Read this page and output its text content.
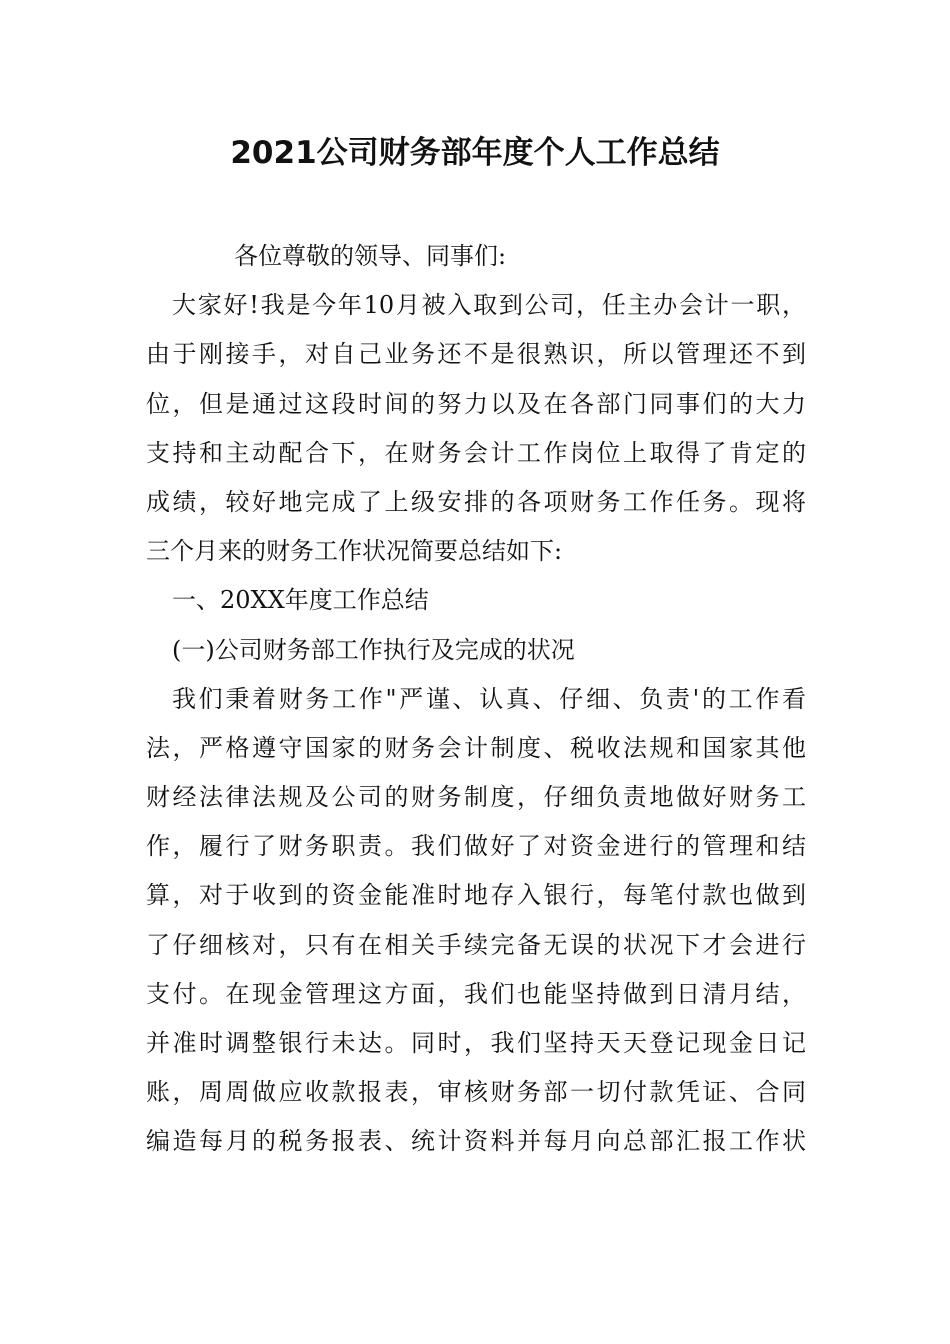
2021公司财务部年度个人工作总结
各位尊敬的领导、同事们:
大家好!我是今年10月被入取到公司，任主办会计一职，
由于刚接手，对自己业务还不是很熟识，所以管理还不到
位，但是通过这段时间的努力以及在各部门同事们的大力
支持和主动配合下，在财务会计工作岗位上取得了肯定的
成绩，较好地完成了上级安排的各项财务工作任务。现将
三个月来的财务工作状况简要总结如下:
一、20XX年度工作总结
(一)公司财务部工作执行及完成的状况
我们秉着财务工作"严谨、认真、仔细、负责'的工作看
法，严格遵守国家的财务会计制度、税收法规和国家其他
财经法律法规及公司的财务制度，仔细负责地做好财务工
作，履行了财务职责。我们做好了对资金进行的管理和结
算，对于收到的资金能准时地存入银行，每笔付款也做到
了仔细核对，只有在相关手续完备无误的状况下才会进行
支付。在现金管理这方面，我们也能坚持做到日清月结，
并准时调整银行未达。同时，我们坚持天天登记现金日记
账，周周做应收款报表，审核财务部一切付款凭证、合同
编造每月的税务报表、统计资料并每月向总部汇报工作状
